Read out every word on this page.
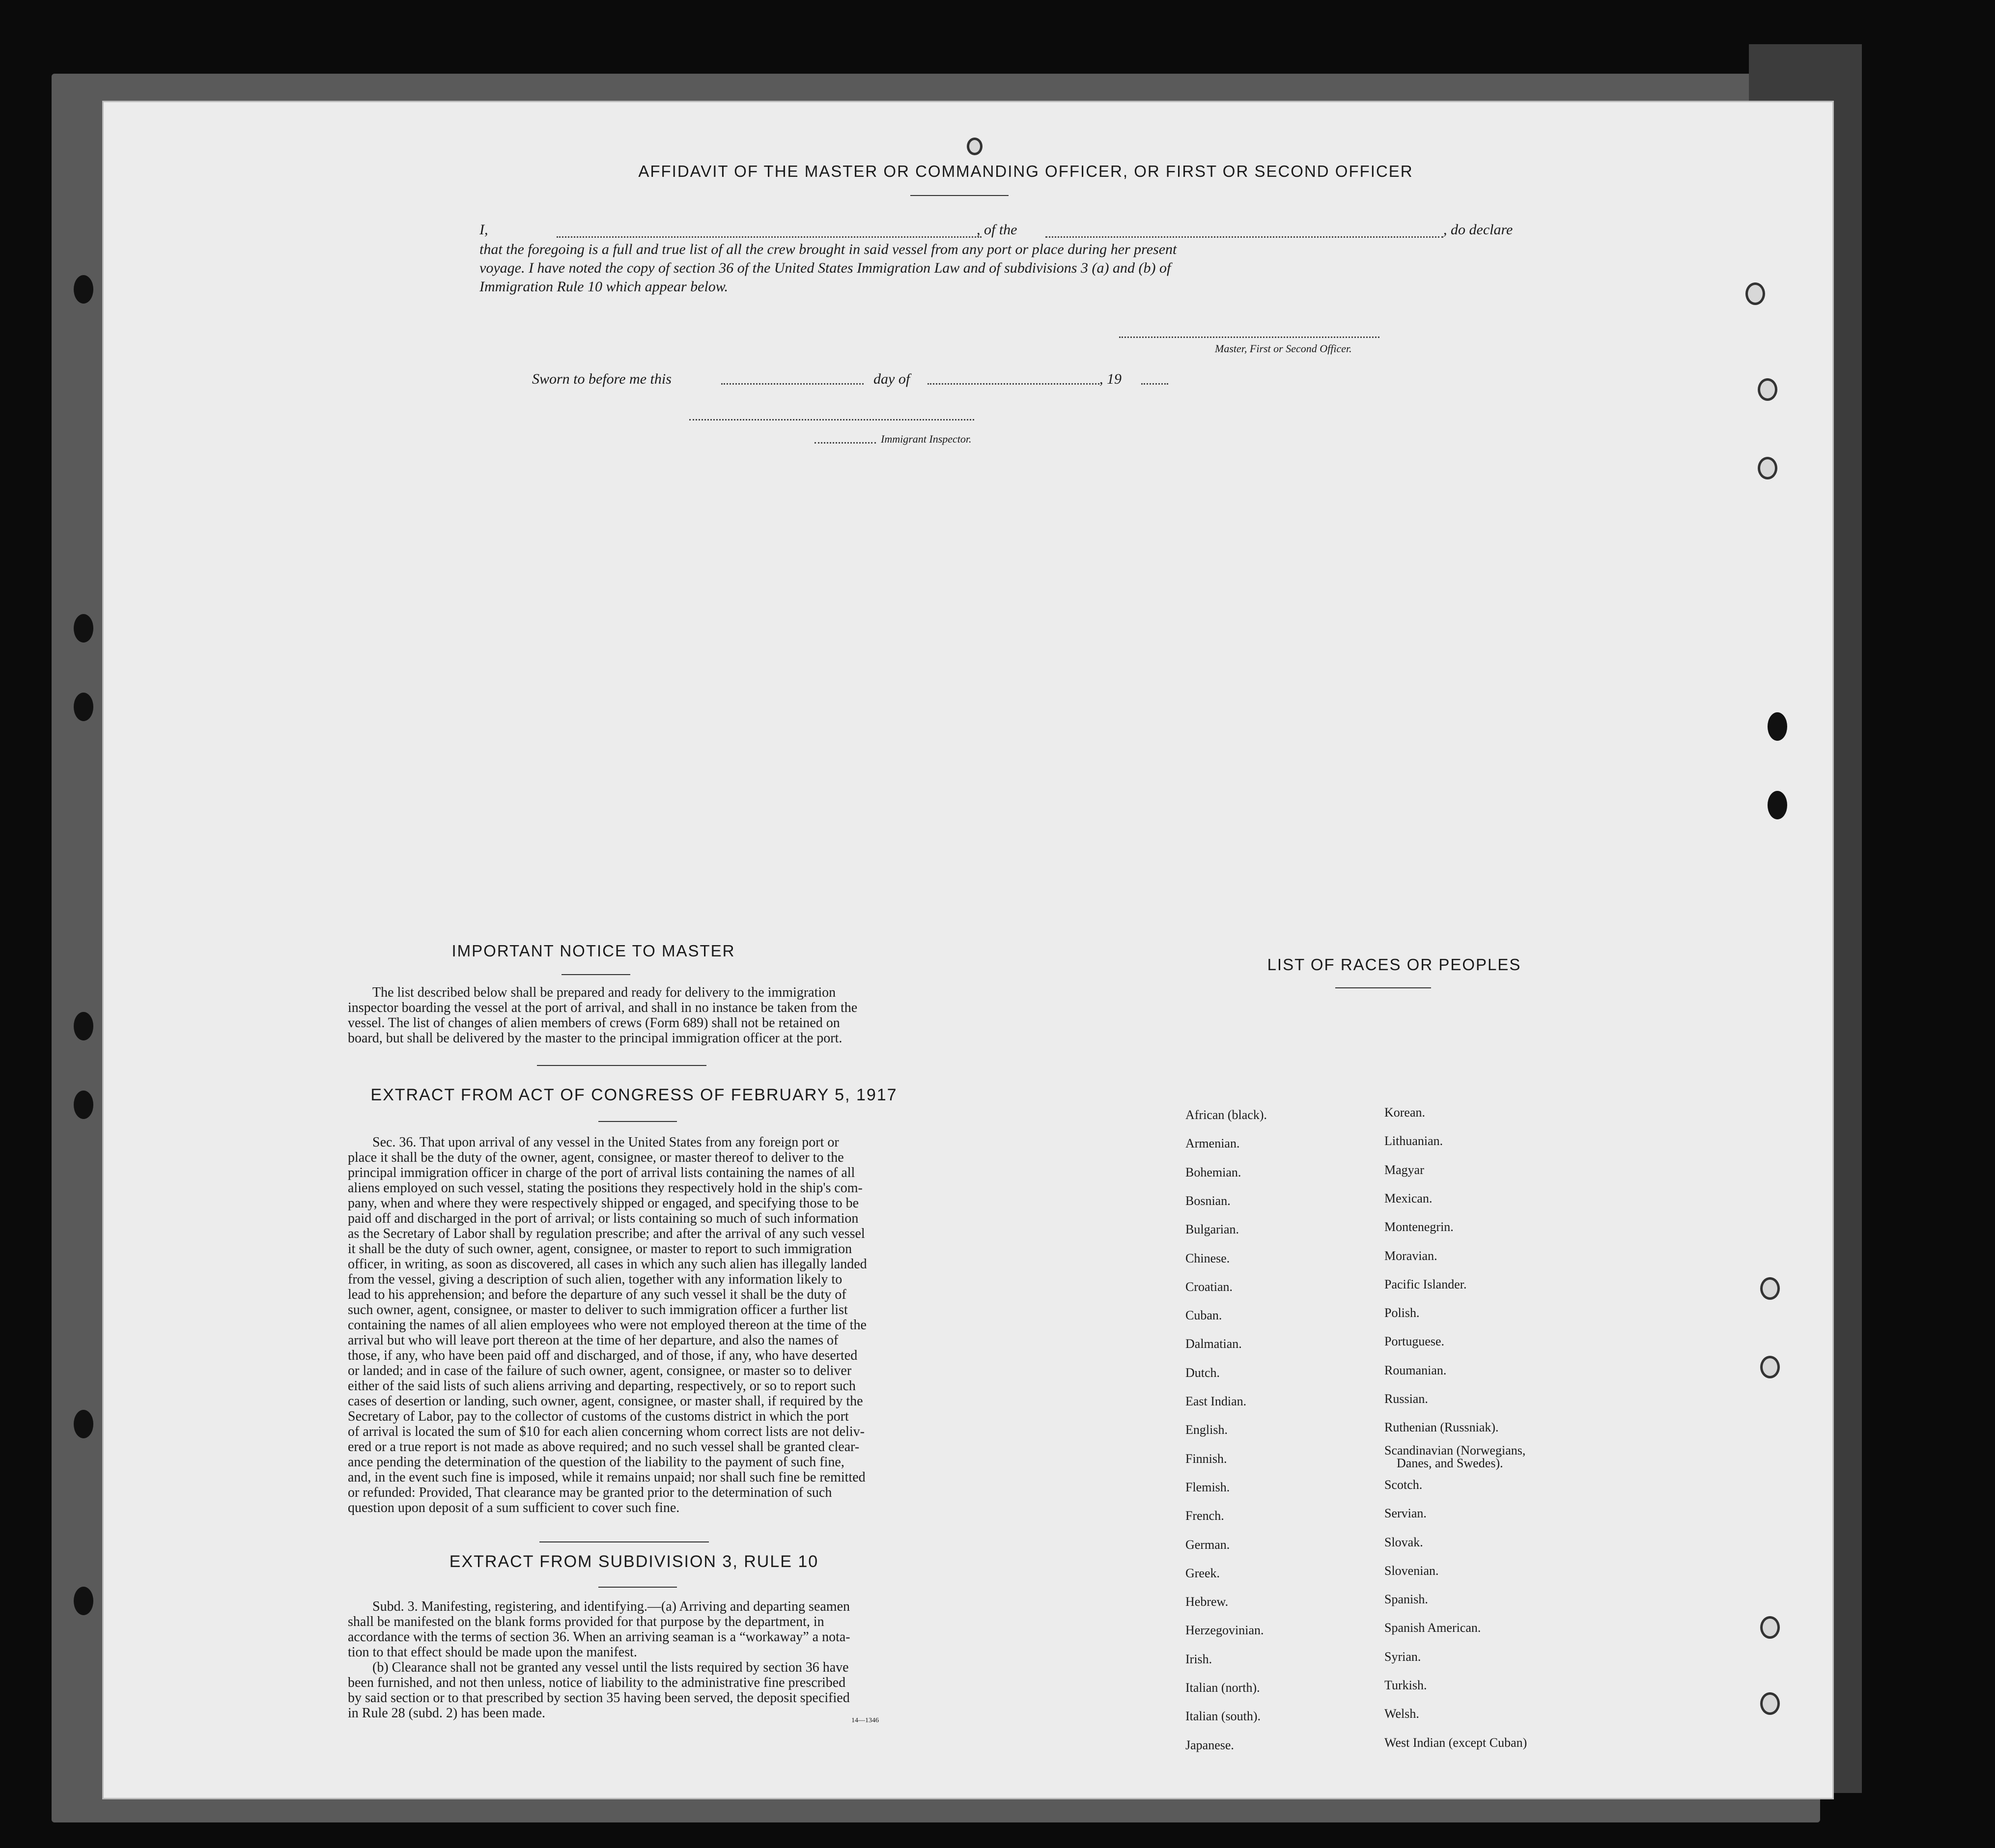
AFFIDAVIT OF THE MASTER OR COMMANDING OFFICER, OR FIRST OR SECOND OFFICER
I,	, of the	, do declare
that the foregoing is a full and true list of all the crew brought in said vessel from any port or place during her present
voyage. I have noted the copy of section 36 of the United States Immigration Law and of subdivisions 3 (a) and (b) of
Immigration Rule 10 which appear below.
Master, First or Second Officer.
Sworn to before me this	day of	, 19
Immigrant Inspector.
IMPORTANT NOTICE TO MASTER
The list described below shall be prepared and ready for delivery to the immigration
inspector boarding the vessel at the port of arrival, and shall in no instance be taken from the
vessel. The list of changes of alien members of crews (Form 689) shall not be retained on
board, but shall be delivered by the master to the principal immigration officer at the port.
EXTRACT FROM ACT OF CONGRESS OF FEBRUARY 5, 1917
Sec. 36. That upon arrival of any vessel in the United States from any foreign port or
place it shall be the duty of the owner, agent, consignee, or master thereof to deliver to the
principal immigration officer in charge of the port of arrival lists containing the names of all
aliens employed on such vessel, stating the positions they respectively hold in the ship's com-
pany, when and where they were respectively shipped or engaged, and specifying those to be
paid off and discharged in the port of arrival; or lists containing so much of such information
as the Secretary of Labor shall by regulation prescribe; and after the arrival of any such vessel
it shall be the duty of such owner, agent, consignee, or master to report to such immigration
officer, in writing, as soon as discovered, all cases in which any such alien has illegally landed
from the vessel, giving a description of such alien, together with any information likely to
lead to his apprehension; and before the departure of any such vessel it shall be the duty of
such owner, agent, consignee, or master to deliver to such immigration officer a further list
containing the names of all alien employees who were not employed thereon at the time of the
arrival but who will leave port thereon at the time of her departure, and also the names of
those, if any, who have been paid off and discharged, and of those, if any, who have deserted
or landed; and in case of the failure of such owner, agent, consignee, or master so to deliver
either of the said lists of such aliens arriving and departing, respectively, or so to report such
cases of desertion or landing, such owner, agent, consignee, or master shall, if required by the
Secretary of Labor, pay to the collector of customs of the customs district in which the port
of arrival is located the sum of $10 for each alien concerning whom correct lists are not deliv-
ered or a true report is not made as above required; and no such vessel shall be granted clear-
ance pending the determination of the question of the liability to the payment of such fine,
and, in the event such fine is imposed, while it remains unpaid; nor shall such fine be remitted
or refunded: Provided, That clearance may be granted prior to the determination of such
question upon deposit of a sum sufficient to cover such fine.
EXTRACT FROM SUBDIVISION 3, RULE 10
Subd. 3. Manifesting, registering, and identifying.—(a) Arriving and departing seamen
shall be manifested on the blank forms provided for that purpose by the department, in
accordance with the terms of section 36. When an arriving seaman is a “workaway” a nota-
tion to that effect should be made upon the manifest.
(b) Clearance shall not be granted any vessel until the lists required by section 36 have
been furnished, and not then unless, notice of liability to the administrative fine prescribed
by said section or to that prescribed by section 35 having been served, the deposit specified
in Rule 28 (subd. 2) has been made.	14—1346
LIST OF RACES OR PEOPLES
African (black).
Armenian.
Bohemian.
Bosnian.
Bulgarian.
Chinese.
Croatian.
Cuban.
Dalmatian.
Dutch.
East Indian.
English.
Finnish.
Flemish.
French.
German.
Greek.
Hebrew.
Herzegovinian.
Irish.
Italian (north).
Italian (south).
Japanese.
Korean.
Lithuanian.
Magyar
Mexican.
Montenegrin.
Moravian.
Pacific Islander.
Polish.
Portuguese.
Roumanian.
Russian.
Ruthenian (Russniak).
Scandinavian (Norwegians,
Danes, and Swedes).
Scotch.
Servian.
Slovak.
Slovenian.
Spanish.
Spanish American.
Syrian.
Turkish.
Welsh.
West Indian (except Cuban)
